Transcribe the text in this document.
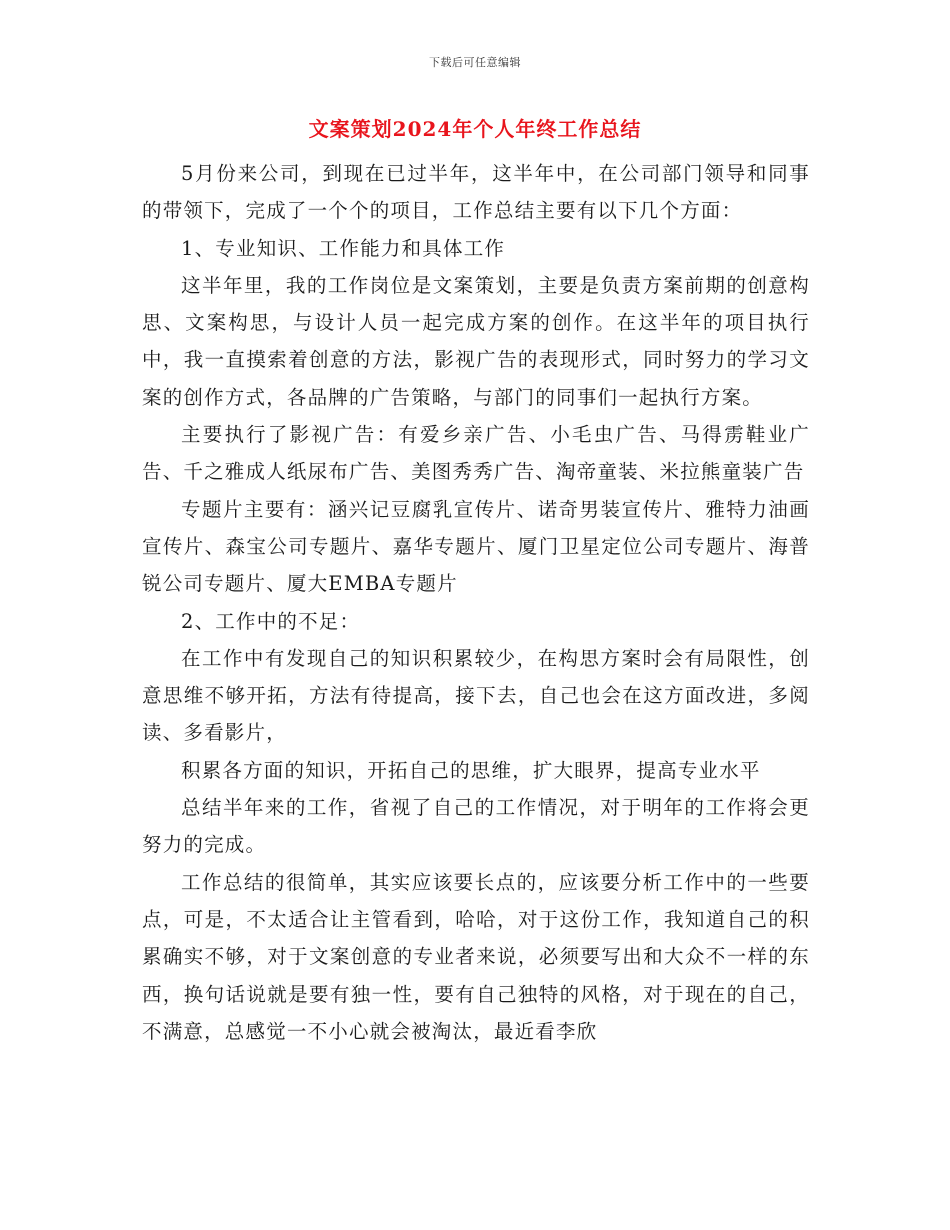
下载后可任意编辑
文案策划2024年个人年终工作总结

5月份来公司，到现在已过半年，这半年中，在公司部门领导和同事的带领下，完成了一个个的项目，工作总结主要有以下几个方面：

1、专业知识、工作能力和具体工作

这半年里，我的工作岗位是文案策划，主要是负责方案前期的创意构思、文案构思，与设计人员一起完成方案的创作。在这半年的项目执行中，我一直摸索着创意的方法，影视广告的表现形式，同时努力的学习文案的创作方式，各品牌的广告策略，与部门的同事们一起执行方案。

主要执行了影视广告：有爱乡亲广告、小毛虫广告、马得雳鞋业广告、千之雅成人纸尿布广告、美图秀秀广告、淘帝童装、米拉熊童装广告

专题片主要有：涵兴记豆腐乳宣传片、诺奇男装宣传片、雅特力油画宣传片、森宝公司专题片、嘉华专题片、厦门卫星定位公司专题片、海普锐公司专题片、厦大EMBA专题片

2、工作中的不足：

在工作中有发现自己的知识积累较少，在构思方案时会有局限性，创意思维不够开拓，方法有待提高，接下去，自己也会在这方面改进，多阅读、多看影片，

积累各方面的知识，开拓自己的思维，扩大眼界，提高专业水平

总结半年来的工作，省视了自己的工作情况，对于明年的工作将会更努力的完成。

工作总结的很简单，其实应该要长点的，应该要分析工作中的一些要点，可是，不太适合让主管看到，哈哈，对于这份工作，我知道自己的积累确实不够，对于文案创意的专业者来说，必须要写出和大众不一样的东西，换句话说就是要有独一性，要有自己独特的风格，对于现在的自己，不满意，总感觉一不小心就会被淘汰，最近看李欣
